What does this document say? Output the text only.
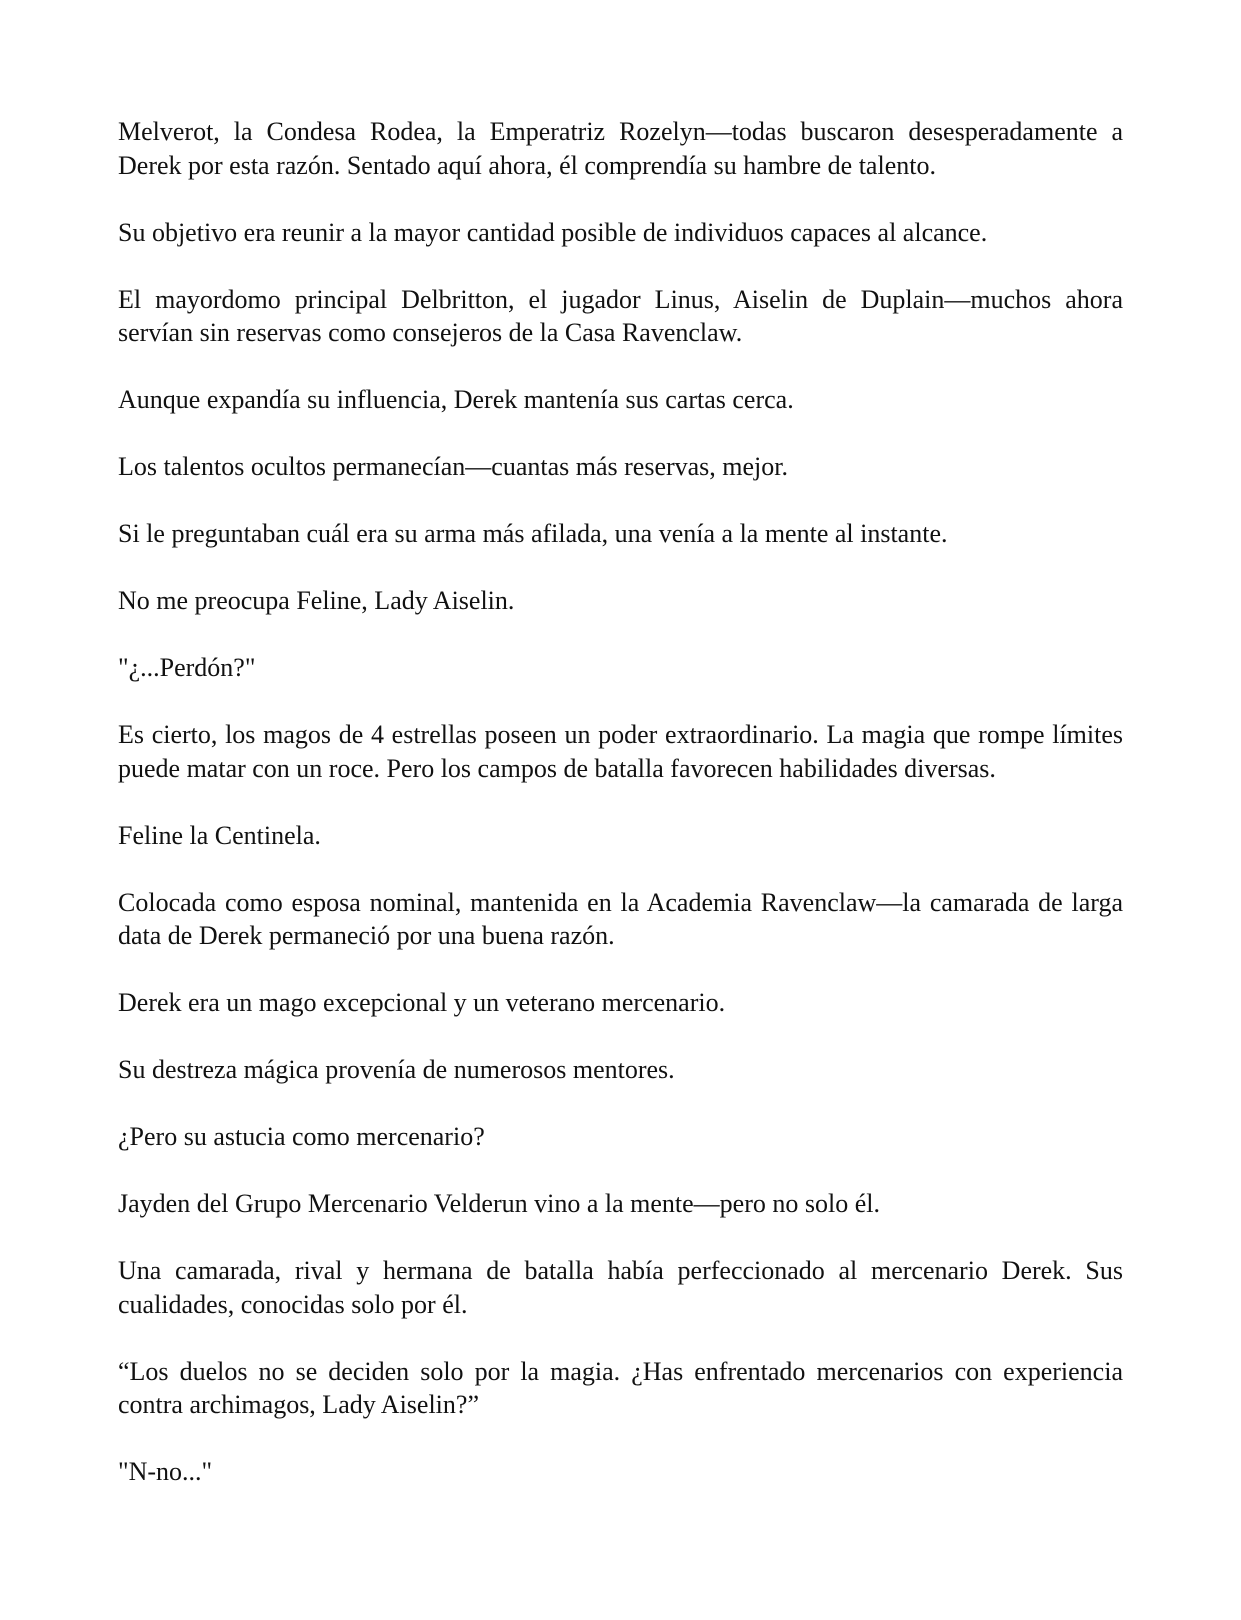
Melverot, la Condesa Rodea, la Emperatriz Rozelyn—todas buscaron desesperadamente a Derek por esta razón. Sentado aquí ahora, él comprendía su hambre de talento.

Su objetivo era reunir a la mayor cantidad posible de individuos capaces al alcance.

El mayordomo principal Delbritton, el jugador Linus, Aiselin de Duplain—muchos ahora servían sin reservas como consejeros de la Casa Ravenclaw.

Aunque expandía su influencia, Derek mantenía sus cartas cerca.

Los talentos ocultos permanecían—cuantas más reservas, mejor.

Si le preguntaban cuál era su arma más afilada, una venía a la mente al instante.

No me preocupa Feline, Lady Aiselin.

"¿...Perdón?"

Es cierto, los magos de 4 estrellas poseen un poder extraordinario. La magia que rompe límites puede matar con un roce. Pero los campos de batalla favorecen habilidades diversas.

Feline la Centinela.

Colocada como esposa nominal, mantenida en la Academia Ravenclaw—la camarada de larga data de Derek permaneció por una buena razón.

Derek era un mago excepcional y un veterano mercenario.

Su destreza mágica provenía de numerosos mentores.

¿Pero su astucia como mercenario?

Jayden del Grupo Mercenario Velderun vino a la mente—pero no solo él.

Una camarada, rival y hermana de batalla había perfeccionado al mercenario Derek. Sus cualidades, conocidas solo por él.

“Los duelos no se deciden solo por la magia. ¿Has enfrentado mercenarios con experiencia contra archimagos, Lady Aiselin?”

"N-no..."
